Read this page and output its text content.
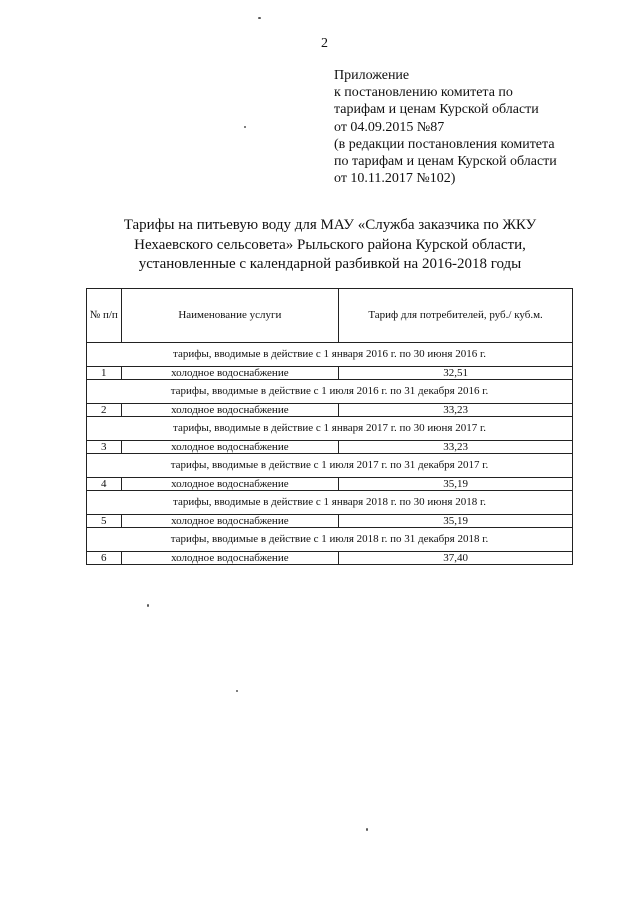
2
Приложение
к постановлению комитета по
тарифам и ценам Курской области
от 04.09.2015 №87
(в редакции постановления комитета
по тарифам и ценам Курской области
от 10.11.2017 №102)
Тарифы на питьевую воду для МАУ «Служба заказчика по ЖКУ
Нехаевского сельсовета» Рыльского района Курской области,
установленные с календарной разбивкой на 2016-2018 годы
№ п/п	Наименование услуги	Тариф для потребителей, руб./ куб.м.
тарифы, вводимые в действие с 1 января 2016 г. по 30 июня 2016 г.		
1	холодное водоснабжение	32,51
тарифы, вводимые в действие с 1 июля 2016 г. по 31 декабря 2016 г.		
2	холодное водоснабжение	33,23
тарифы, вводимые в действие с 1 января 2017 г. по 30 июня 2017 г.		
3	холодное водоснабжение	33,23
тарифы, вводимые в действие с 1 июля 2017 г. по 31 декабря 2017 г.		
4	холодное водоснабжение	35,19
тарифы, вводимые в действие с 1 января 2018 г. по 30 июня 2018 г.		
5	холодное водоснабжение	35,19
тарифы, вводимые в действие с 1 июля 2018 г. по 31 декабря 2018 г.		
6	холодное водоснабжение	37,40
